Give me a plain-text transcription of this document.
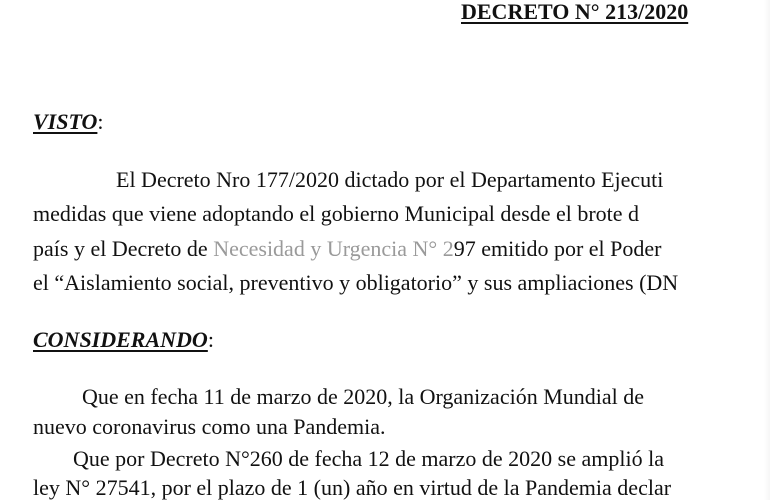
DECRETO N° 213/2020
VISTO:
El Decreto Nro 177/2020 dictado por el Departamento Ejecuti
medidas que viene adoptando el gobierno Municipal desde el brote d
país y el Decreto de Necesidad y Urgencia N° 297 emitido por el Poder
el “Aislamiento social, preventivo y obligatorio” y sus ampliaciones (DN
CONSIDERANDO:
Que en fecha 11 de marzo de 2020, la Organización Mundial de
nuevo coronavirus como una Pandemia.
Que por Decreto N°260 de fecha 12 de marzo de 2020 se amplió la
ley N° 27541, por el plazo de 1 (un) año en virtud de la Pandemia declar
